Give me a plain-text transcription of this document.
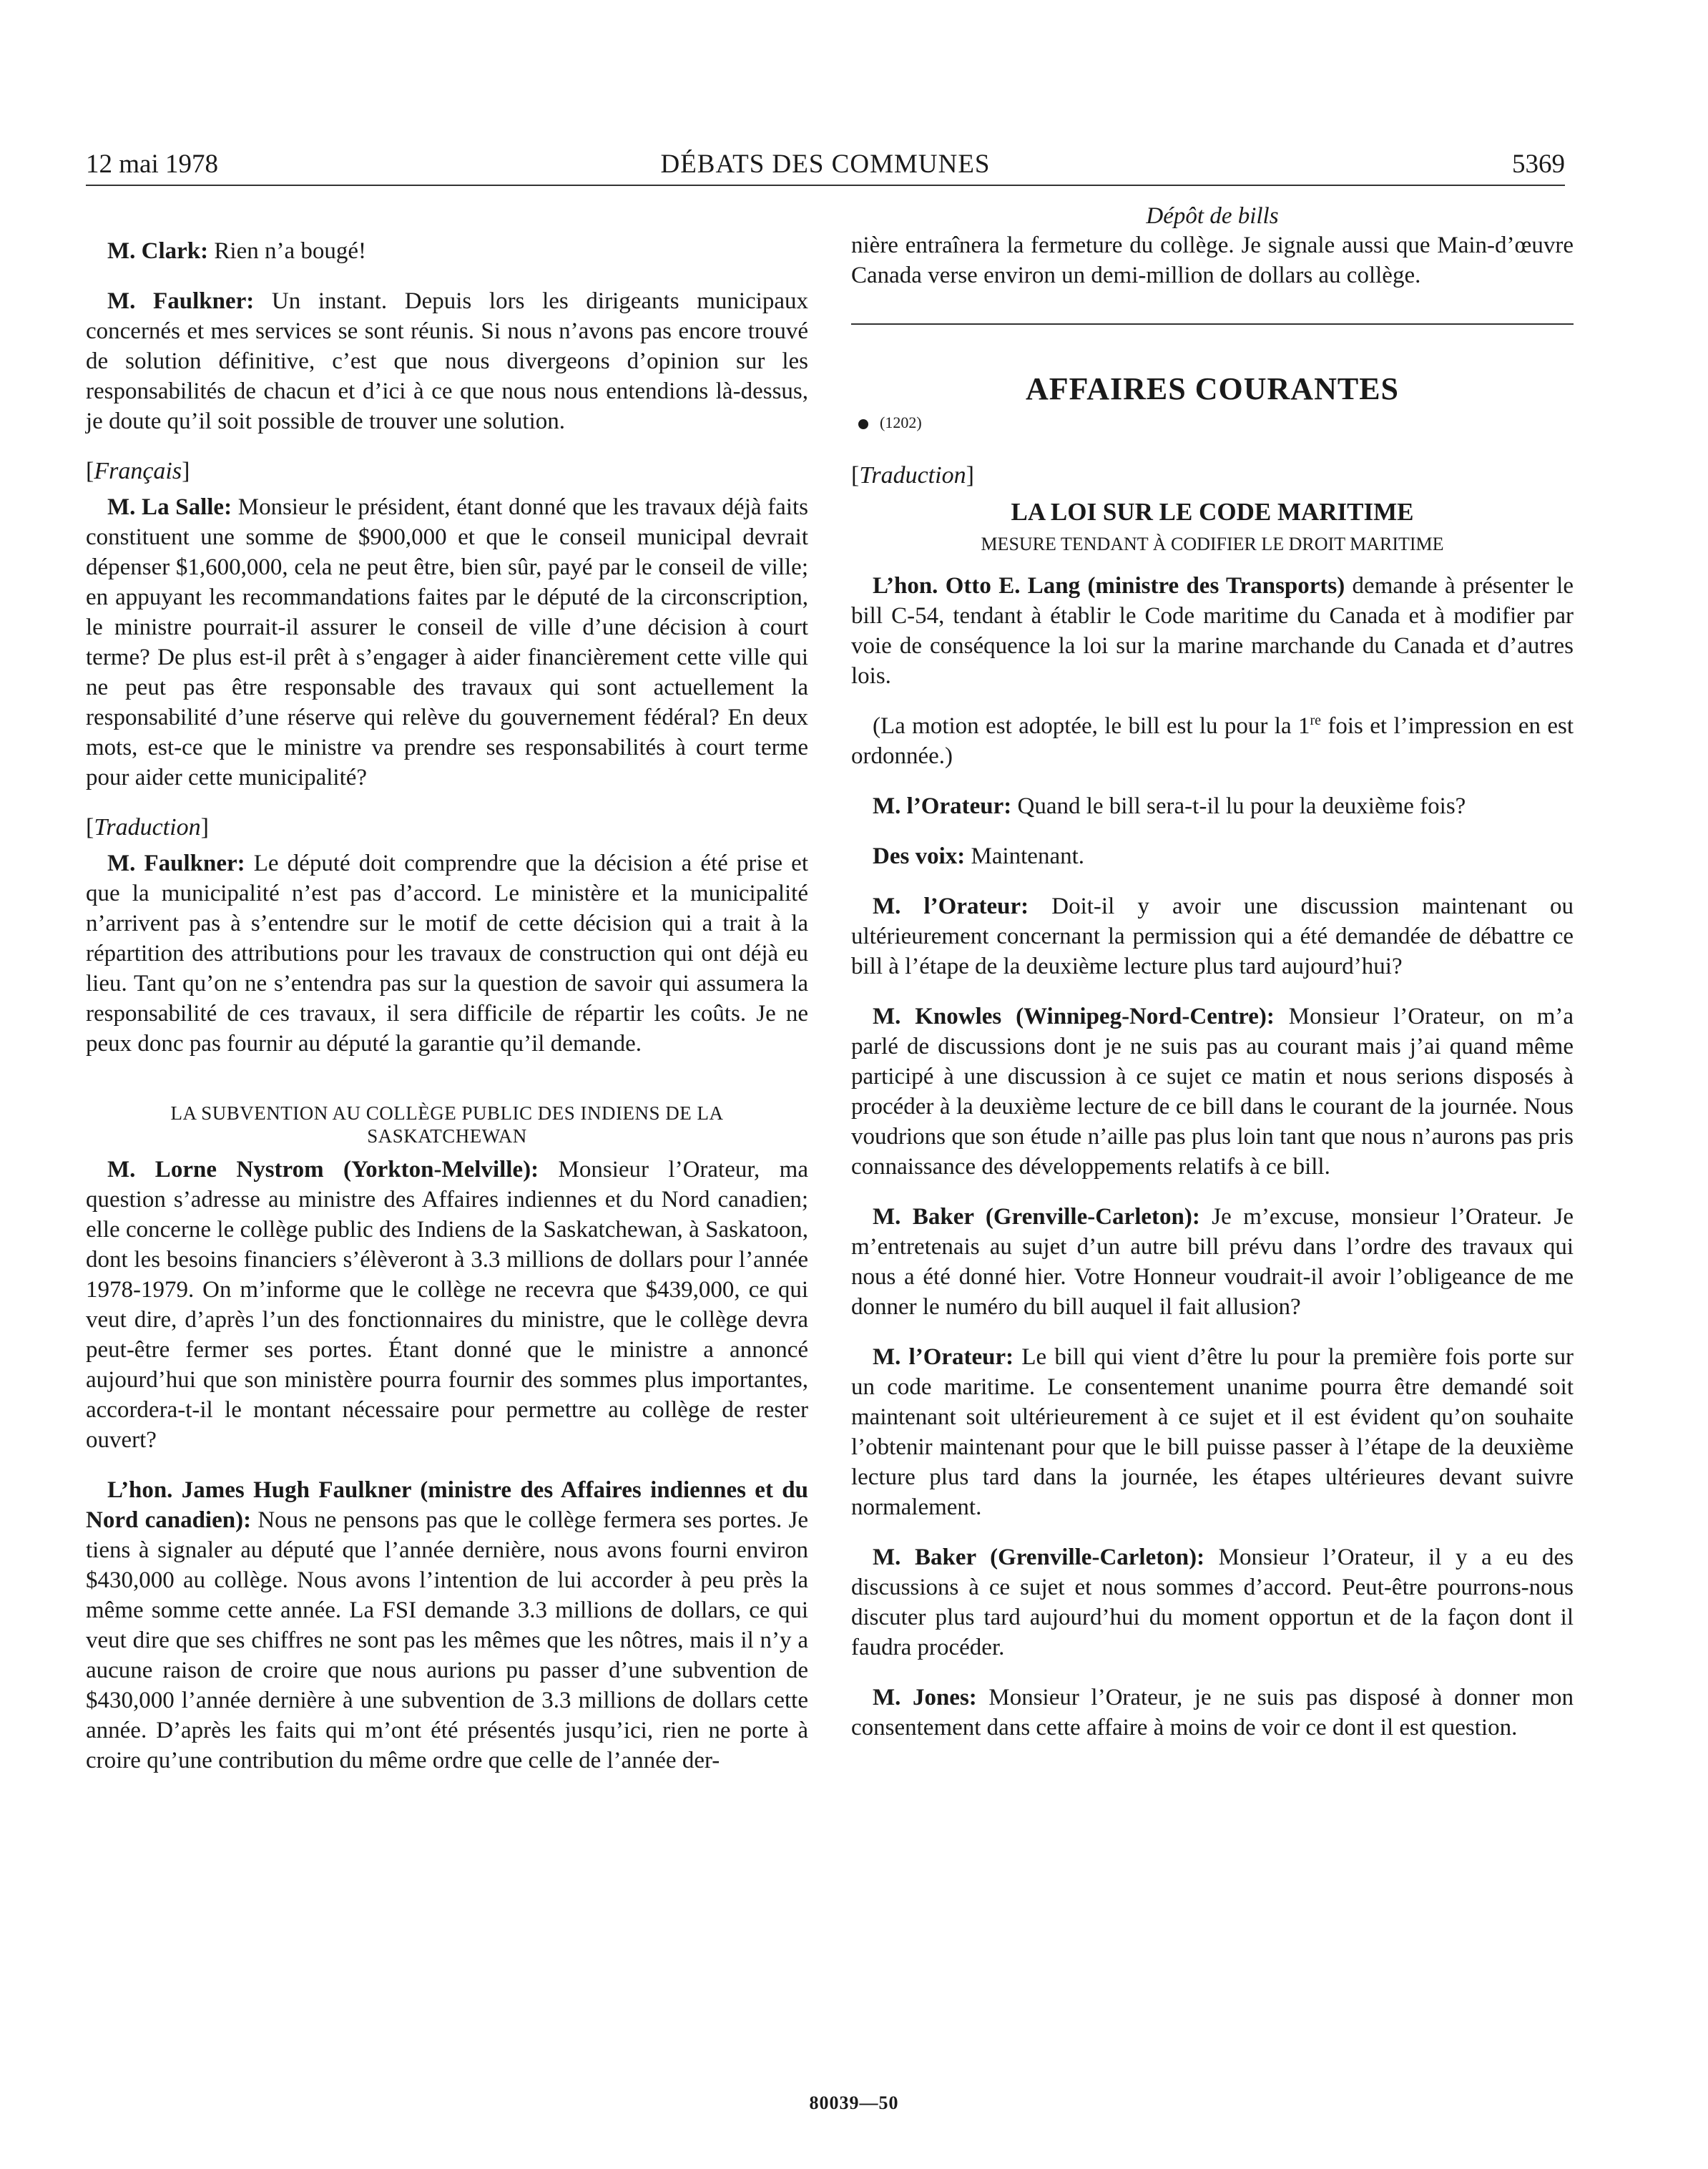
12 mai 1978	DÉBATS DES COMMUNES	5369

M. Clark: Rien n’a bougé!

M. Faulkner: Un instant. Depuis lors les dirigeants municipaux concernés et mes services se sont réunis. Si nous n’avons pas encore trouvé de solution définitive, c’est que nous divergeons d’opinion sur les responsabilités de chacun et d’ici à ce que nous nous entendions là-dessus, je doute qu’il soit possible de trouver une solution.

[Français]

M. La Salle: Monsieur le président, étant donné que les travaux déjà faits constituent une somme de $900,000 et que le conseil municipal devrait dépenser $1,600,000, cela ne peut être, bien sûr, payé par le conseil de ville; en appuyant les recommandations faites par le député de la circonscription, le ministre pourrait-il assurer le conseil de ville d’une décision à court terme? De plus est-il prêt à s’engager à aider financièrement cette ville qui ne peut pas être responsable des travaux qui sont actuellement la responsabilité d’une réserve qui relève du gouvernement fédéral? En deux mots, est-ce que le ministre va prendre ses responsabilités à court terme pour aider cette municipalité?

[Traduction]

M. Faulkner: Le député doit comprendre que la décision a été prise et que la municipalité n’est pas d’accord. Le ministère et la municipalité n’arrivent pas à s’entendre sur le motif de cette décision qui a trait à la répartition des attributions pour les travaux de construction qui ont déjà eu lieu. Tant qu’on ne s’entendra pas sur la question de savoir qui assumera la responsabilité de ces travaux, il sera difficile de répartir les coûts. Je ne peux donc pas fournir au député la garantie qu’il demande.

LA SUBVENTION AU COLLÈGE PUBLIC DES INDIENS DE LA SASKATCHEWAN

M. Lorne Nystrom (Yorkton-Melville): Monsieur l’Orateur, ma question s’adresse au ministre des Affaires indiennes et du Nord canadien; elle concerne le collège public des Indiens de la Saskatchewan, à Saskatoon, dont les besoins financiers s’élèveront à 3.3 millions de dollars pour l’année 1978-1979. On m’informe que le collège ne recevra que $439,000, ce qui veut dire, d’après l’un des fonctionnaires du ministre, que le collège devra peut-être fermer ses portes. Étant donné que le ministre a annoncé aujourd’hui que son ministère pourra fournir des sommes plus importantes, accordera-t-il le montant nécessaire pour permettre au collège de rester ouvert?

L’hon. James Hugh Faulkner (ministre des Affaires indiennes et du Nord canadien): Nous ne pensons pas que le collège fermera ses portes. Je tiens à signaler au député que l’année dernière, nous avons fourni environ $430,000 au collège. Nous avons l’intention de lui accorder à peu près la même somme cette année. La FSI demande 3.3 millions de dollars, ce qui veut dire que ses chiffres ne sont pas les mêmes que les nôtres, mais il n’y a aucune raison de croire que nous aurions pu passer d’une subvention de $430,000 l’année dernière à une subvention de 3.3 millions de dollars cette année. D’après les faits qui m’ont été présentés jusqu’ici, rien ne porte à croire qu’une contribution du même ordre que celle de l’année der-

Dépôt de bills

nière entraînera la fermeture du collège. Je signale aussi que Main-d’œuvre Canada verse environ un demi-million de dollars au collège.

AFFAIRES COURANTES
(1202)
[Traduction]
LA LOI SUR LE CODE MARITIME
MESURE TENDANT À CODIFIER LE DROIT MARITIME

L’hon. Otto E. Lang (ministre des Transports) demande à présenter le bill C-54, tendant à établir le Code maritime du Canada et à modifier par voie de conséquence la loi sur la marine marchande du Canada et d’autres lois.

(La motion est adoptée, le bill est lu pour la 1re fois et l’impression en est ordonnée.)

M. l’Orateur: Quand le bill sera-t-il lu pour la deuxième fois?

Des voix: Maintenant.

M. l’Orateur: Doit-il y avoir une discussion maintenant ou ultérieurement concernant la permission qui a été demandée de débattre ce bill à l’étape de la deuxième lecture plus tard aujourd’hui?

M. Knowles (Winnipeg-Nord-Centre): Monsieur l’Orateur, on m’a parlé de discussions dont je ne suis pas au courant mais j’ai quand même participé à une discussion à ce sujet ce matin et nous serions disposés à procéder à la deuxième lecture de ce bill dans le courant de la journée. Nous voudrions que son étude n’aille pas plus loin tant que nous n’aurons pas pris connaissance des développements relatifs à ce bill.

M. Baker (Grenville-Carleton): Je m’excuse, monsieur l’Orateur. Je m’entretenais au sujet d’un autre bill prévu dans l’ordre des travaux qui nous a été donné hier. Votre Honneur voudrait-il avoir l’obligeance de me donner le numéro du bill auquel il fait allusion?

M. l’Orateur: Le bill qui vient d’être lu pour la première fois porte sur un code maritime. Le consentement unanime pourra être demandé soit maintenant soit ultérieurement à ce sujet et il est évident qu’on souhaite l’obtenir maintenant pour que le bill puisse passer à l’étape de la deuxième lecture plus tard dans la journée, les étapes ultérieures devant suivre normalement.

M. Baker (Grenville-Carleton): Monsieur l’Orateur, il y a eu des discussions à ce sujet et nous sommes d’accord. Peut-être pourrons-nous discuter plus tard aujourd’hui du moment opportun et de la façon dont il faudra procéder.

M. Jones: Monsieur l’Orateur, je ne suis pas disposé à donner mon consentement dans cette affaire à moins de voir ce dont il est question.

80039—50
